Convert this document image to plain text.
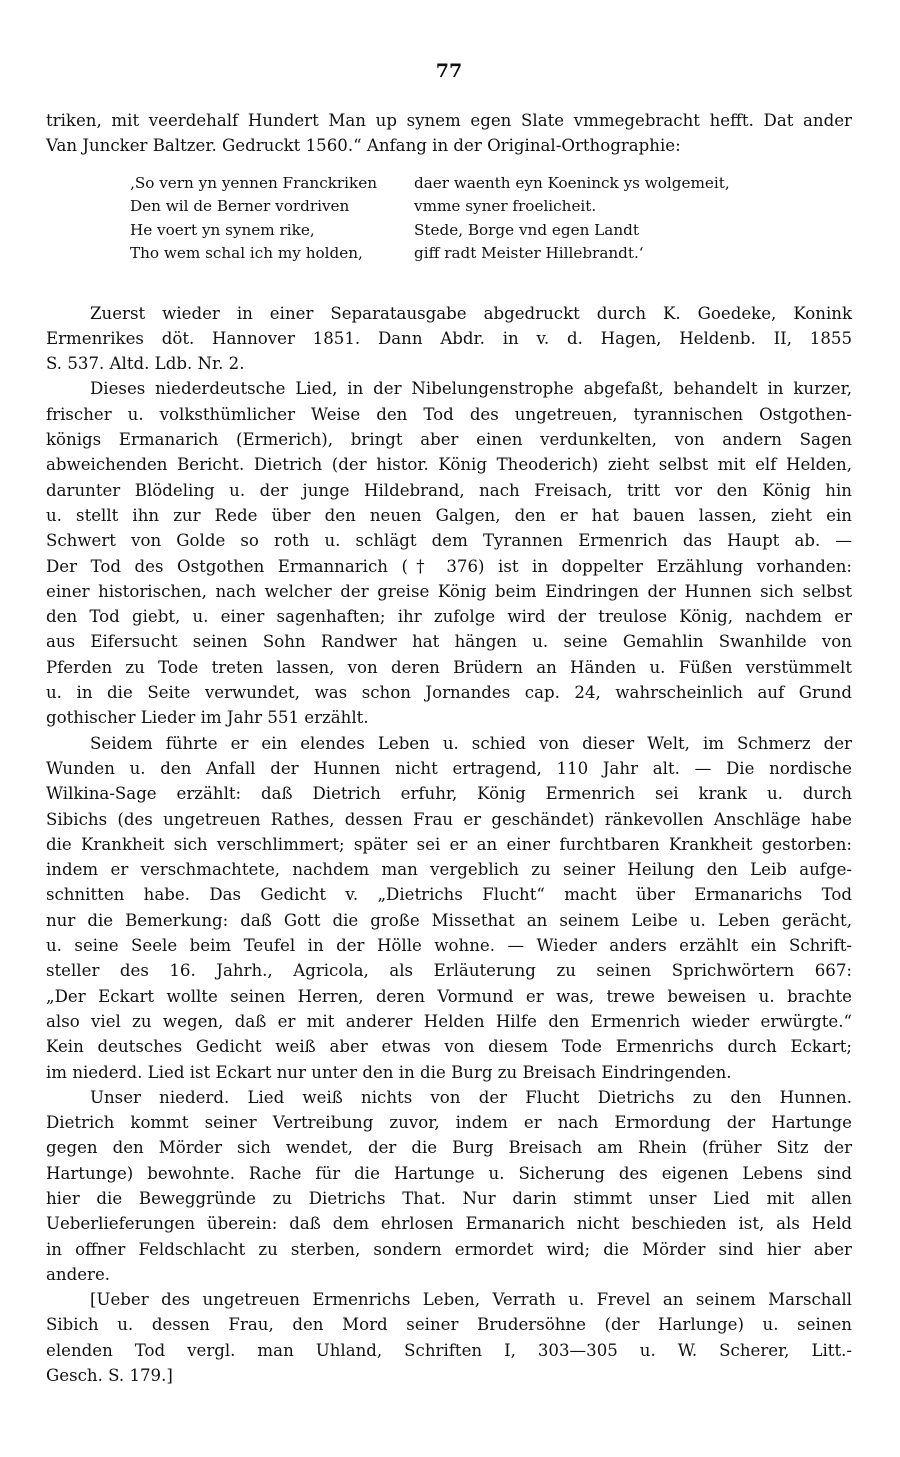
77
triken, mit veerdehalf Hundert Man up synem egen Slate vmmegebracht hefft. Dat ander
Van Juncker Baltzer. Gedruckt 1560.“ Anfang in der Original-Orthographie:
‚So vern yn yennen Franckriken	daer waenth eyn Koeninck ys wolgemeit,
Den wil de Berner vordriven	vmme syner froelicheit.
He voert yn synem rike,	Stede, Borge vnd egen Landt
Tho wem schal ich my holden,	giff radt Meister Hillebrandt.‘
Zuerst wieder in einer Separatausgabe abgedruckt durch K. Goedeke, Konink
Ermenrikes döt. Hannover 1851. Dann Abdr. in v. d. Hagen, Heldenb. II, 1855
S. 537. Altd. Ldb. Nr. 2.
Dieses niederdeutsche Lied, in der Nibelungenstrophe abgefaßt, behandelt in kurzer,
frischer u. volksthümlicher Weise den Tod des ungetreuen, tyrannischen Ostgothen-
königs Ermanarich (Ermerich), bringt aber einen verdunkelten, von andern Sagen
abweichenden Bericht. Dietrich (der histor. König Theoderich) zieht selbst mit elf Helden,
darunter Blödeling u. der junge Hildebrand, nach Freisach, tritt vor den König hin
u. stellt ihn zur Rede über den neuen Galgen, den er hat bauen lassen, zieht ein
Schwert von Golde so roth u. schlägt dem Tyrannen Ermenrich das Haupt ab. —
Der Tod des Ostgothen Ermannarich († 376) ist in doppelter Erzählung vorhanden:
einer historischen, nach welcher der greise König beim Eindringen der Hunnen sich selbst
den Tod giebt, u. einer sagenhaften; ihr zufolge wird der treulose König, nachdem er
aus Eifersucht seinen Sohn Randwer hat hängen u. seine Gemahlin Swanhilde von
Pferden zu Tode treten lassen, von deren Brüdern an Händen u. Füßen verstümmelt
u. in die Seite verwundet, was schon Jornandes cap. 24, wahrscheinlich auf Grund
gothischer Lieder im Jahr 551 erzählt.
Seidem führte er ein elendes Leben u. schied von dieser Welt, im Schmerz der
Wunden u. den Anfall der Hunnen nicht ertragend, 110 Jahr alt. — Die nordische
Wilkina-Sage erzählt: daß Dietrich erfuhr, König Ermenrich sei krank u. durch
Sibichs (des ungetreuen Rathes, dessen Frau er geschändet) ränkevollen Anschläge habe
die Krankheit sich verschlimmert; später sei er an einer furchtbaren Krankheit gestorben:
indem er verschmachtete, nachdem man vergeblich zu seiner Heilung den Leib aufge-
schnitten habe. Das Gedicht v. „Dietrichs Flucht“ macht über Ermanarichs Tod
nur die Bemerkung: daß Gott die große Missethat an seinem Leibe u. Leben gerächt,
u. seine Seele beim Teufel in der Hölle wohne. — Wieder anders erzählt ein Schrift-
steller des 16. Jahrh., Agricola, als Erläuterung zu seinen Sprichwörtern 667:
„Der Eckart wollte seinen Herren, deren Vormund er was, trewe beweisen u. brachte
also viel zu wegen, daß er mit anderer Helden Hilfe den Ermenrich wieder erwürgte.“
Kein deutsches Gedicht weiß aber etwas von diesem Tode Ermenrichs durch Eckart;
im niederd. Lied ist Eckart nur unter den in die Burg zu Breisach Eindringenden.
Unser niederd. Lied weiß nichts von der Flucht Dietrichs zu den Hunnen.
Dietrich kommt seiner Vertreibung zuvor, indem er nach Ermordung der Hartunge
gegen den Mörder sich wendet, der die Burg Breisach am Rhein (früher Sitz der
Hartunge) bewohnte. Rache für die Hartunge u. Sicherung des eigenen Lebens sind
hier die Beweggründe zu Dietrichs That. Nur darin stimmt unser Lied mit allen
Ueberlieferungen überein: daß dem ehrlosen Ermanarich nicht beschieden ist, als Held
in offner Feldschlacht zu sterben, sondern ermordet wird; die Mörder sind hier aber
andere.
[Ueber des ungetreuen Ermenrichs Leben, Verrath u. Frevel an seinem Marschall
Sibich u. dessen Frau, den Mord seiner Brudersöhne (der Harlunge) u. seinen
elenden Tod vergl. man Uhland, Schriften I, 303—305 u. W. Scherer, Litt.-
Gesch. S. 179.]
